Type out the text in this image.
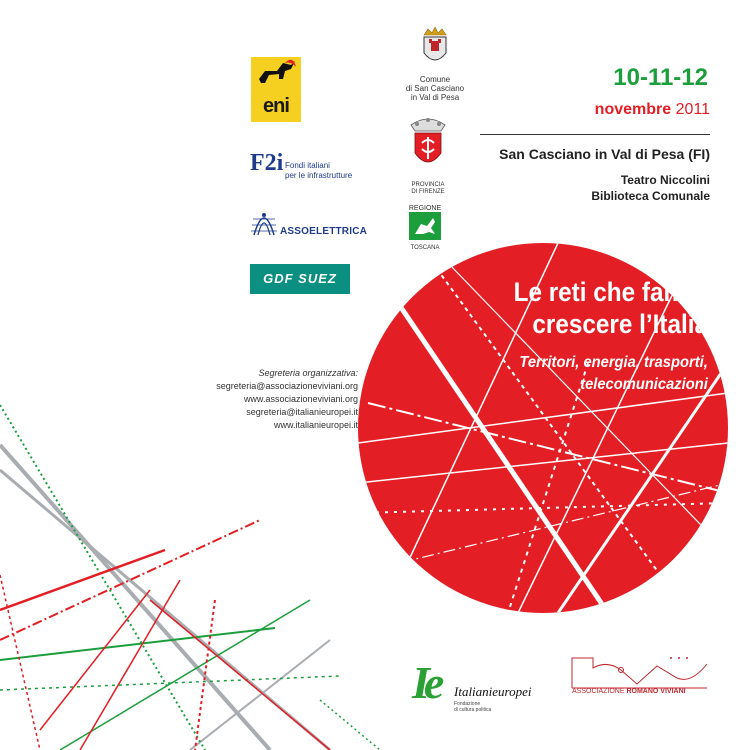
eni
F2i Fondi italiani
per le infrastrutture
ASSOELETTRICA
GDF SUEZ
Comune
di San Casciano
in Val di Pesa
PROVINCIA
DI FIRENZE
REGIONE
TOSCANA
10-11-12
novembre 2011
San Casciano in Val di Pesa (FI)
Teatro Niccolini
Biblioteca Comunale
Le reti che fanno
crescere l’Italia
Territori, energia, trasporti,
telecomunicazioni
Segreteria organizzativa:
segreteria@associazioneviviani.org
www.associazioneviviani.org
segreteria@italianieuropei.it
www.italianieuropei.it
Ie Italianieuropei
Fondazione
di cultura politica
ASSOCIAZIONE ROMANO VIVIANI
